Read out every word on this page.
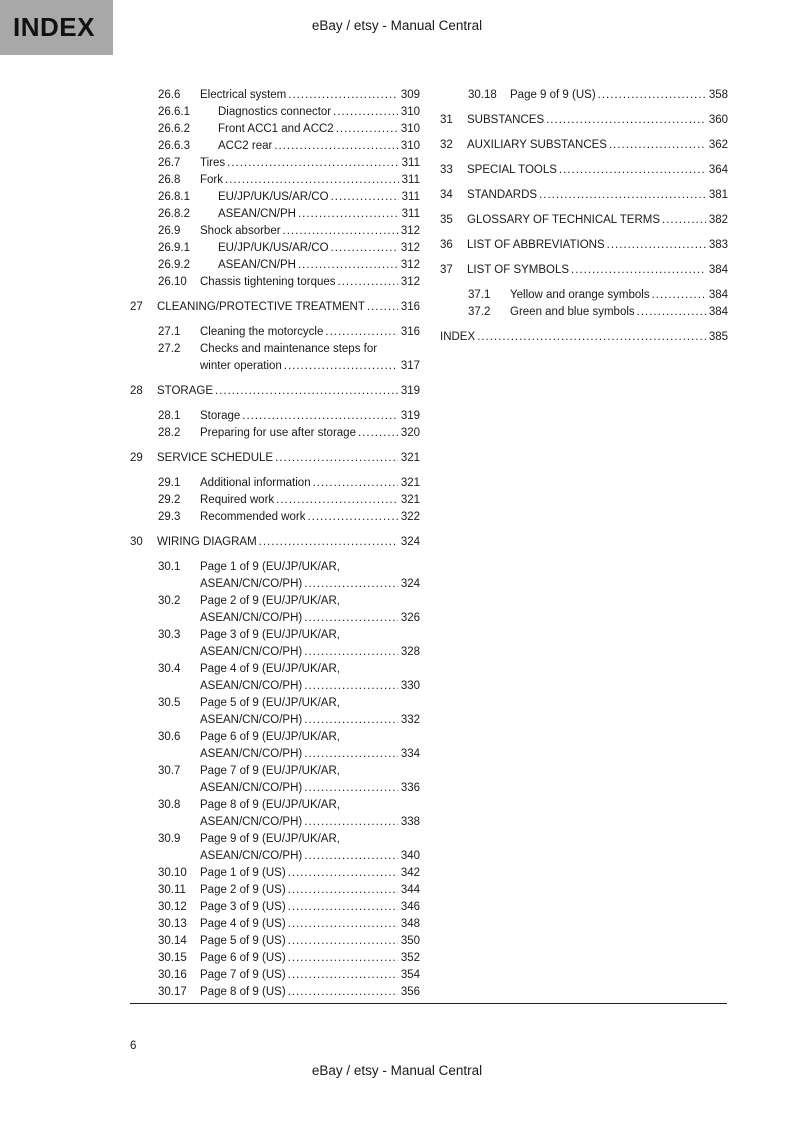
INDEX	eBay / etsy - Manual Central
26.6	Electrical system .....	309
26.6.1	Diagnostics connector .....	310
26.6.2	Front ACC1 and ACC2 .....	310
26.6.3	ACC2 rear .....	310
26.7	Tires .....	311
26.8	Fork .....	311
26.8.1	EU/JP/UK/US/AR/CO .....	311
26.8.2	ASEAN/CN/PH .....	311
26.9	Shock absorber .....	312
26.9.1	EU/JP/UK/US/AR/CO .....	312
26.9.2	ASEAN/CN/PH .....	312
26.10	Chassis tightening torques .....	312
27	CLEANING/PROTECTIVE TREATMENT .....	316
27.1	Cleaning the motorcycle .....	316
27.2	Checks and maintenance steps for
winter operation .....	317
28	STORAGE .....	319
28.1	Storage .....	319
28.2	Preparing for use after storage .....	320
29	SERVICE SCHEDULE .....	321
29.1	Additional information .....	321
29.2	Required work .....	321
29.3	Recommended work .....	322
30	WIRING DIAGRAM .....	324
30.1	Page 1 of 9 (EU/JP/UK/AR,
ASEAN/CN/CO/PH) .....	324
30.2	Page 2 of 9 (EU/JP/UK/AR,
ASEAN/CN/CO/PH) .....	326
30.3	Page 3 of 9 (EU/JP/UK/AR,
ASEAN/CN/CO/PH) .....	328
30.4	Page 4 of 9 (EU/JP/UK/AR,
ASEAN/CN/CO/PH) .....	330
30.5	Page 5 of 9 (EU/JP/UK/AR,
ASEAN/CN/CO/PH) .....	332
30.6	Page 6 of 9 (EU/JP/UK/AR,
ASEAN/CN/CO/PH) .....	334
30.7	Page 7 of 9 (EU/JP/UK/AR,
ASEAN/CN/CO/PH) .....	336
30.8	Page 8 of 9 (EU/JP/UK/AR,
ASEAN/CN/CO/PH) .....	338
30.9	Page 9 of 9 (EU/JP/UK/AR,
ASEAN/CN/CO/PH) .....	340
30.10	Page 1 of 9 (US) .....	342
30.11	Page 2 of 9 (US) .....	344
30.12	Page 3 of 9 (US) .....	346
30.13	Page 4 of 9 (US) .....	348
30.14	Page 5 of 9 (US) .....	350
30.15	Page 6 of 9 (US) .....	352
30.16	Page 7 of 9 (US) .....	354
30.17	Page 8 of 9 (US) .....	356
30.18	Page 9 of 9 (US) .....	358
31	SUBSTANCES .....	360
32	AUXILIARY SUBSTANCES .....	362
33	SPECIAL TOOLS .....	364
34	STANDARDS .....	381
35	GLOSSARY OF TECHNICAL TERMS .....	382
36	LIST OF ABBREVIATIONS .....	383
37	LIST OF SYMBOLS .....	384
37.1	Yellow and orange symbols .....	384
37.2	Green and blue symbols .....	384
INDEX .....	385
6
eBay / etsy - Manual Central
